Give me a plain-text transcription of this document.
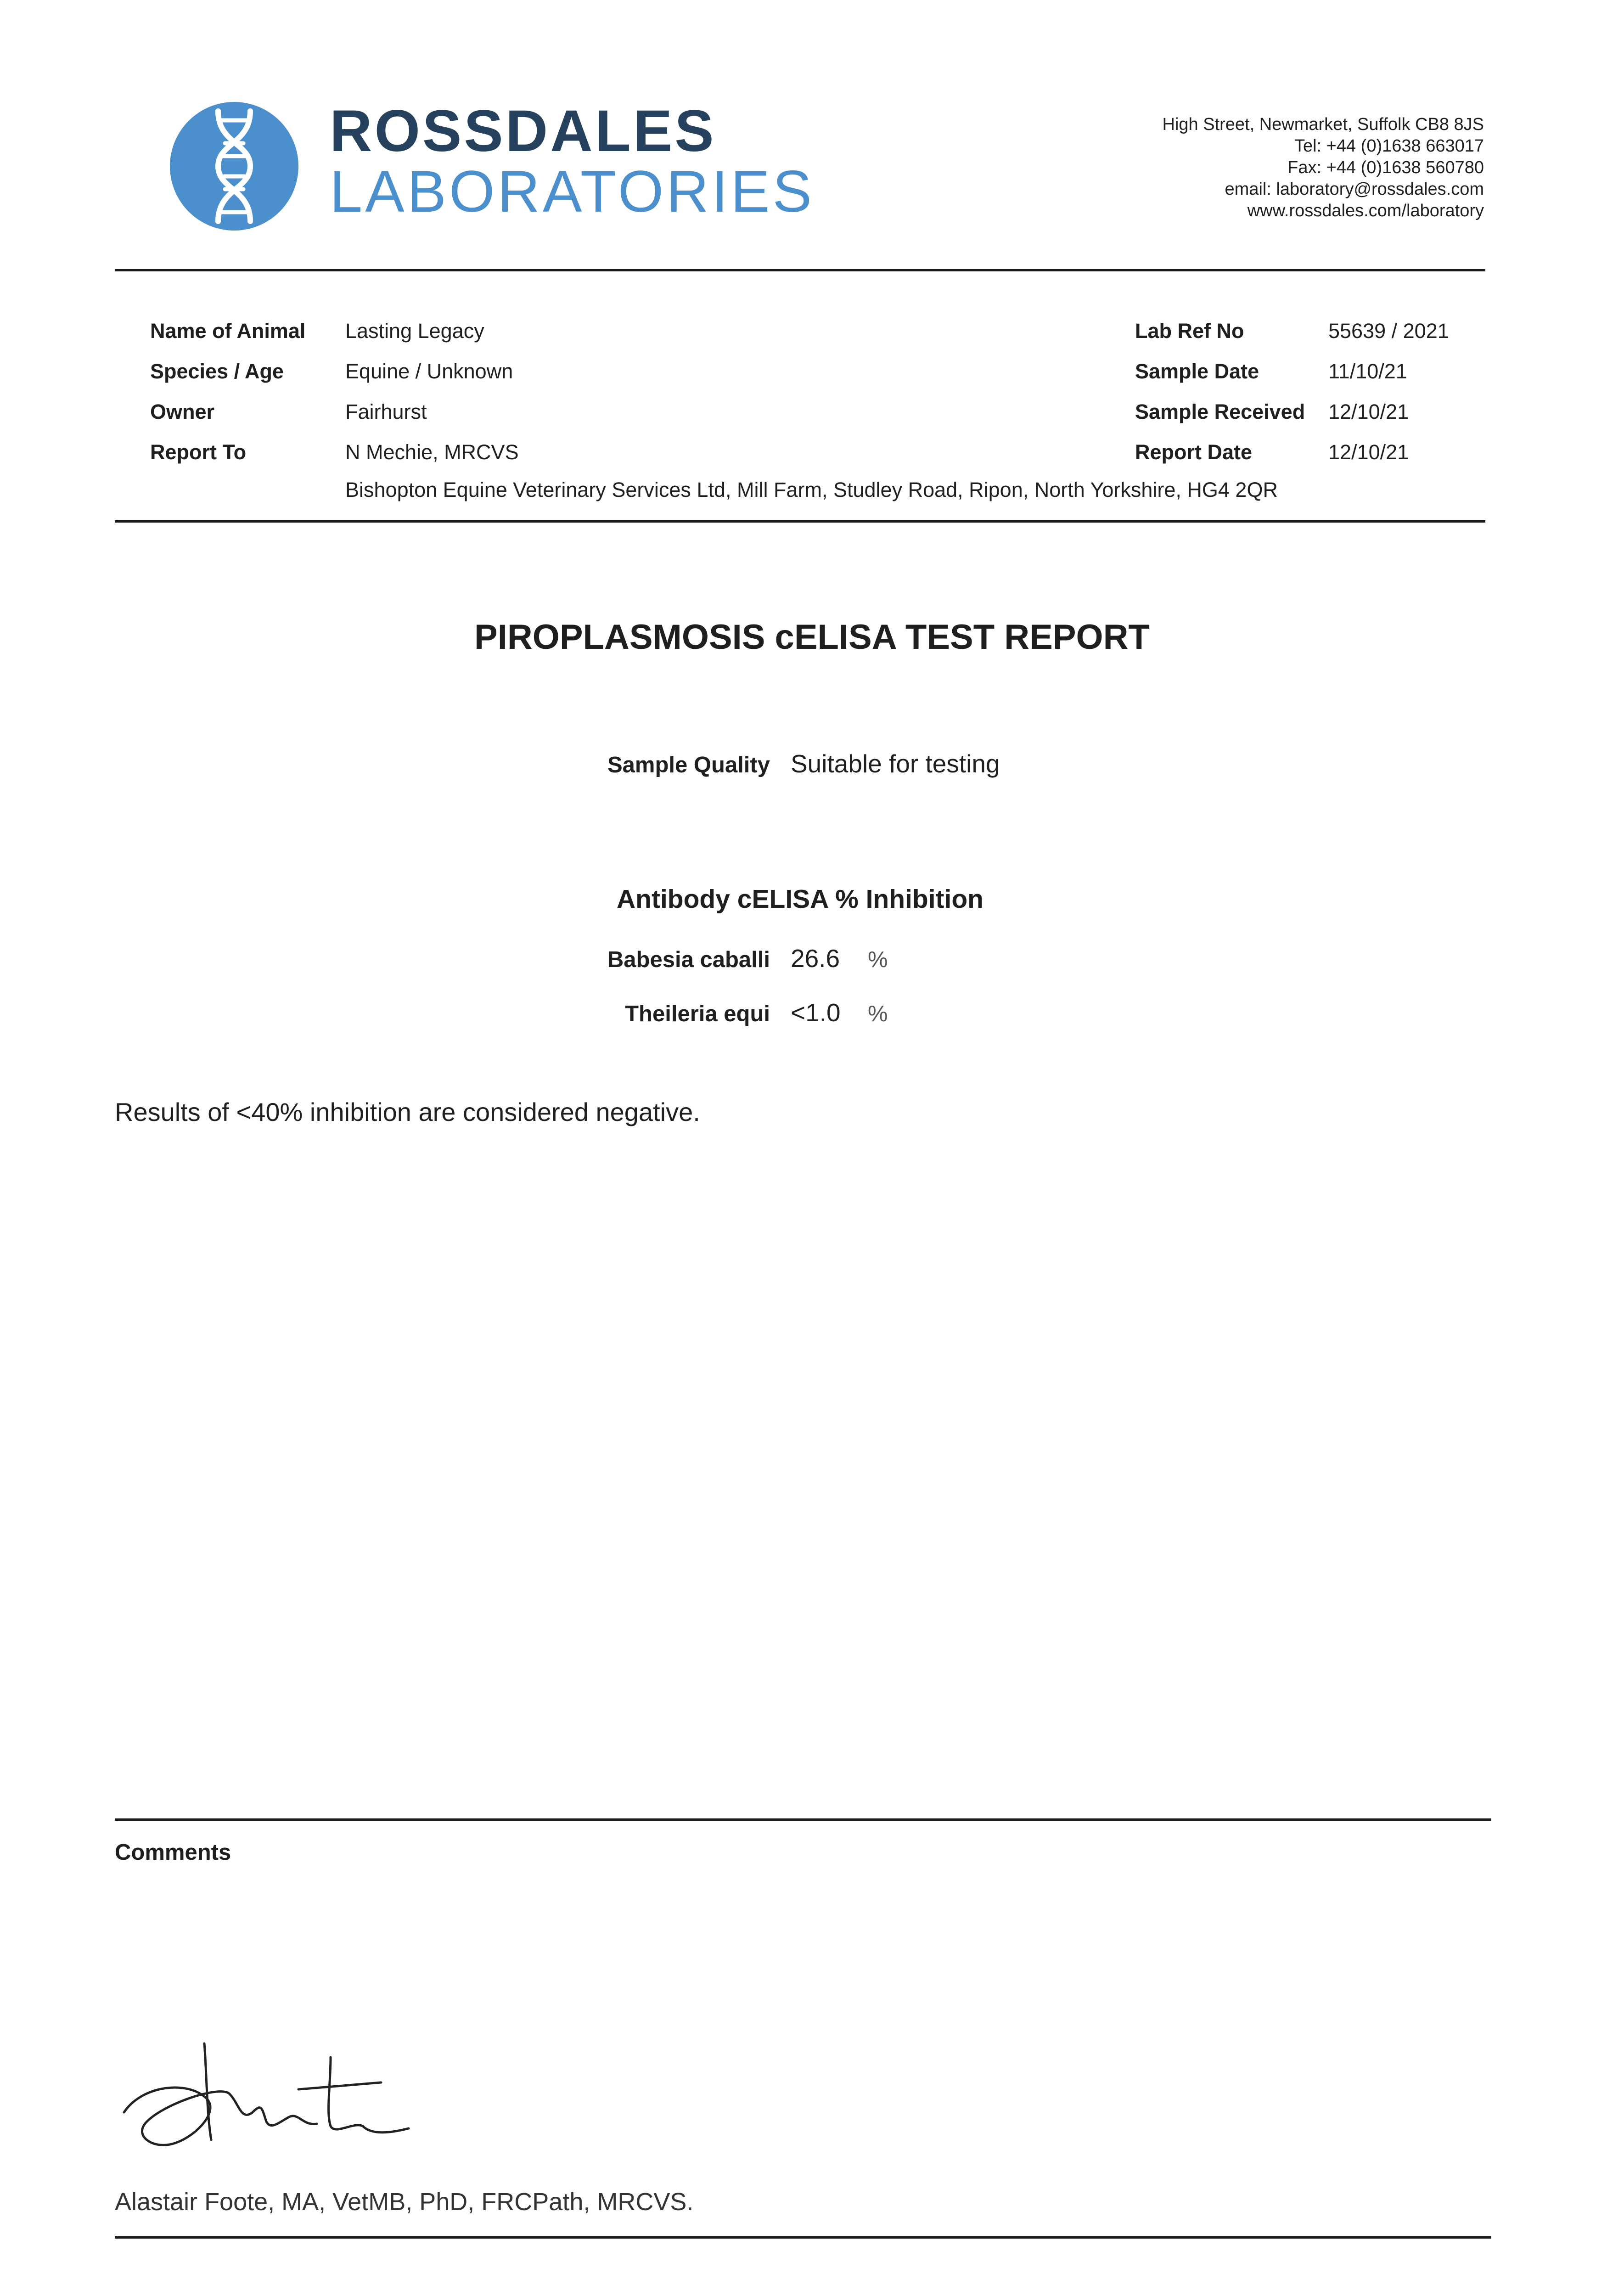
ROSSDALES
LABORATORIES
High Street, Newmarket, Suffolk CB8 8JS
Tel: +44 (0)1638 663017
Fax: +44 (0)1638 560780
email: laboratory@rossdales.com
www.rossdales.com/laboratory
Name of Animal Lasting Legacy
Species / Age	Equine / Unknown
Owner	Fairhurst
Report To	N Mechie, MRCVS
Bishopton Equine Veterinary Services Ltd, Mill Farm, Studley Road, Ripon, North Yorkshire, HG4 2QR
Lab Ref No	55639 / 2021
Sample Date	11/10/21
Sample Received 12/10/21
Report Date	12/10/21
PIROPLASMOSIS cELISA TEST REPORT
Sample Quality Suitable for testing
Antibody cELISA % Inhibition
Babesia caballi 26.6 %
Theileria equi <1.0 %
Results of <40% inhibition are considered negative.
Comments
Alastair Foote, MA, VetMB, PhD, FRCPath, MRCVS.
